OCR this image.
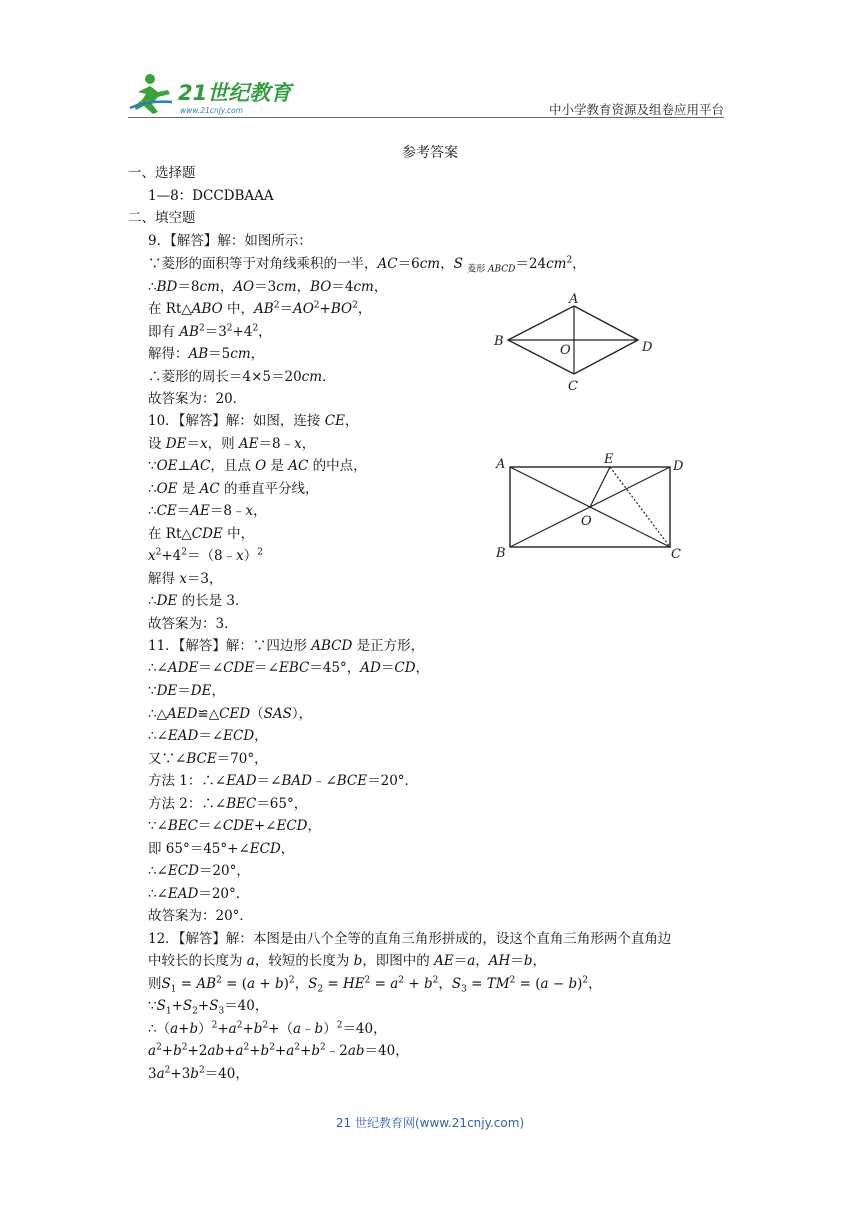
21世纪教育
www.21cnjy.com	中小学教育资源及组卷应用平台
参考答案
一、选择题
1—8：DCCDBAAA
二、填空题
9．【解答】解：如图所示：
∵菱形的面积等于对角线乘积的一半，AC＝6cm，S $_{菱形 ABCD}=24cm^2$，
∴BD＝8cm，AO＝3cm，BO＝4cm，
在 Rt△ABO 中，$AB^2=AO^2+BO^2$，
即有 $AB^2=3^2+4^2$，
解得：AB＝5cm，
∴菱形的周长＝4×5＝20cm．
故答案为：20．
A
B
C
D
O
10．【解答】解：如图，连接 CE，
设 DE＝x，则 AE＝8﹣x，
∵OE⊥AC，且点 O 是 AC 的中点，
∴OE 是 AC 的垂直平分线，
∴CE＝AE＝8﹣x，
在 Rt△CDE 中，
$x^2+4^2=(8﹣x)^2$
解得 x＝3，
∴DE 的长是 3．
故答案为：3．
A
B	C
D
E
O
11．【解答】解：∵四边形 ABCD 是正方形，
∴∠ADE＝∠CDE＝∠EBC＝45°，AD＝CD，
∵DE＝DE，
∴△AED≌△CED（SAS），
∴∠EAD＝∠ECD，
又∵∠BCE＝70°，
方法 1：∴∠EAD＝∠BAD﹣∠BCE＝20°．
方法 2：∴∠BEC＝65°，
∵∠BEC＝∠CDE+∠ECD，
即 65°＝45°+∠ECD，
∴∠ECD＝20°，
∴∠EAD＝20°．
故答案为：20°．
12．【解答】解：本图是由八个全等的直角三角形拼成的，设这个直角三角形两个直角边
中较长的长度为 a，较短的长度为 b，即图中的 AE＝a，AH＝b，
则$S_1 = AB^2 = (a + b)^2$，$S_2 = HE^2 = a^2 + b^2$，$S_3 = TM^2 = (a - b)^2$，
$\because S_1+S_2+S_3=40$，
$\therefore(a+b)^2+a^2+b^2+(a﹣b)^2=40$，
$a^2+b^2+2ab+a^2+b^2+a^2+b^2﹣2ab=40$，
$3a^2+3b^2=40$，
21 世纪教育网(www.21cnjy.com)
